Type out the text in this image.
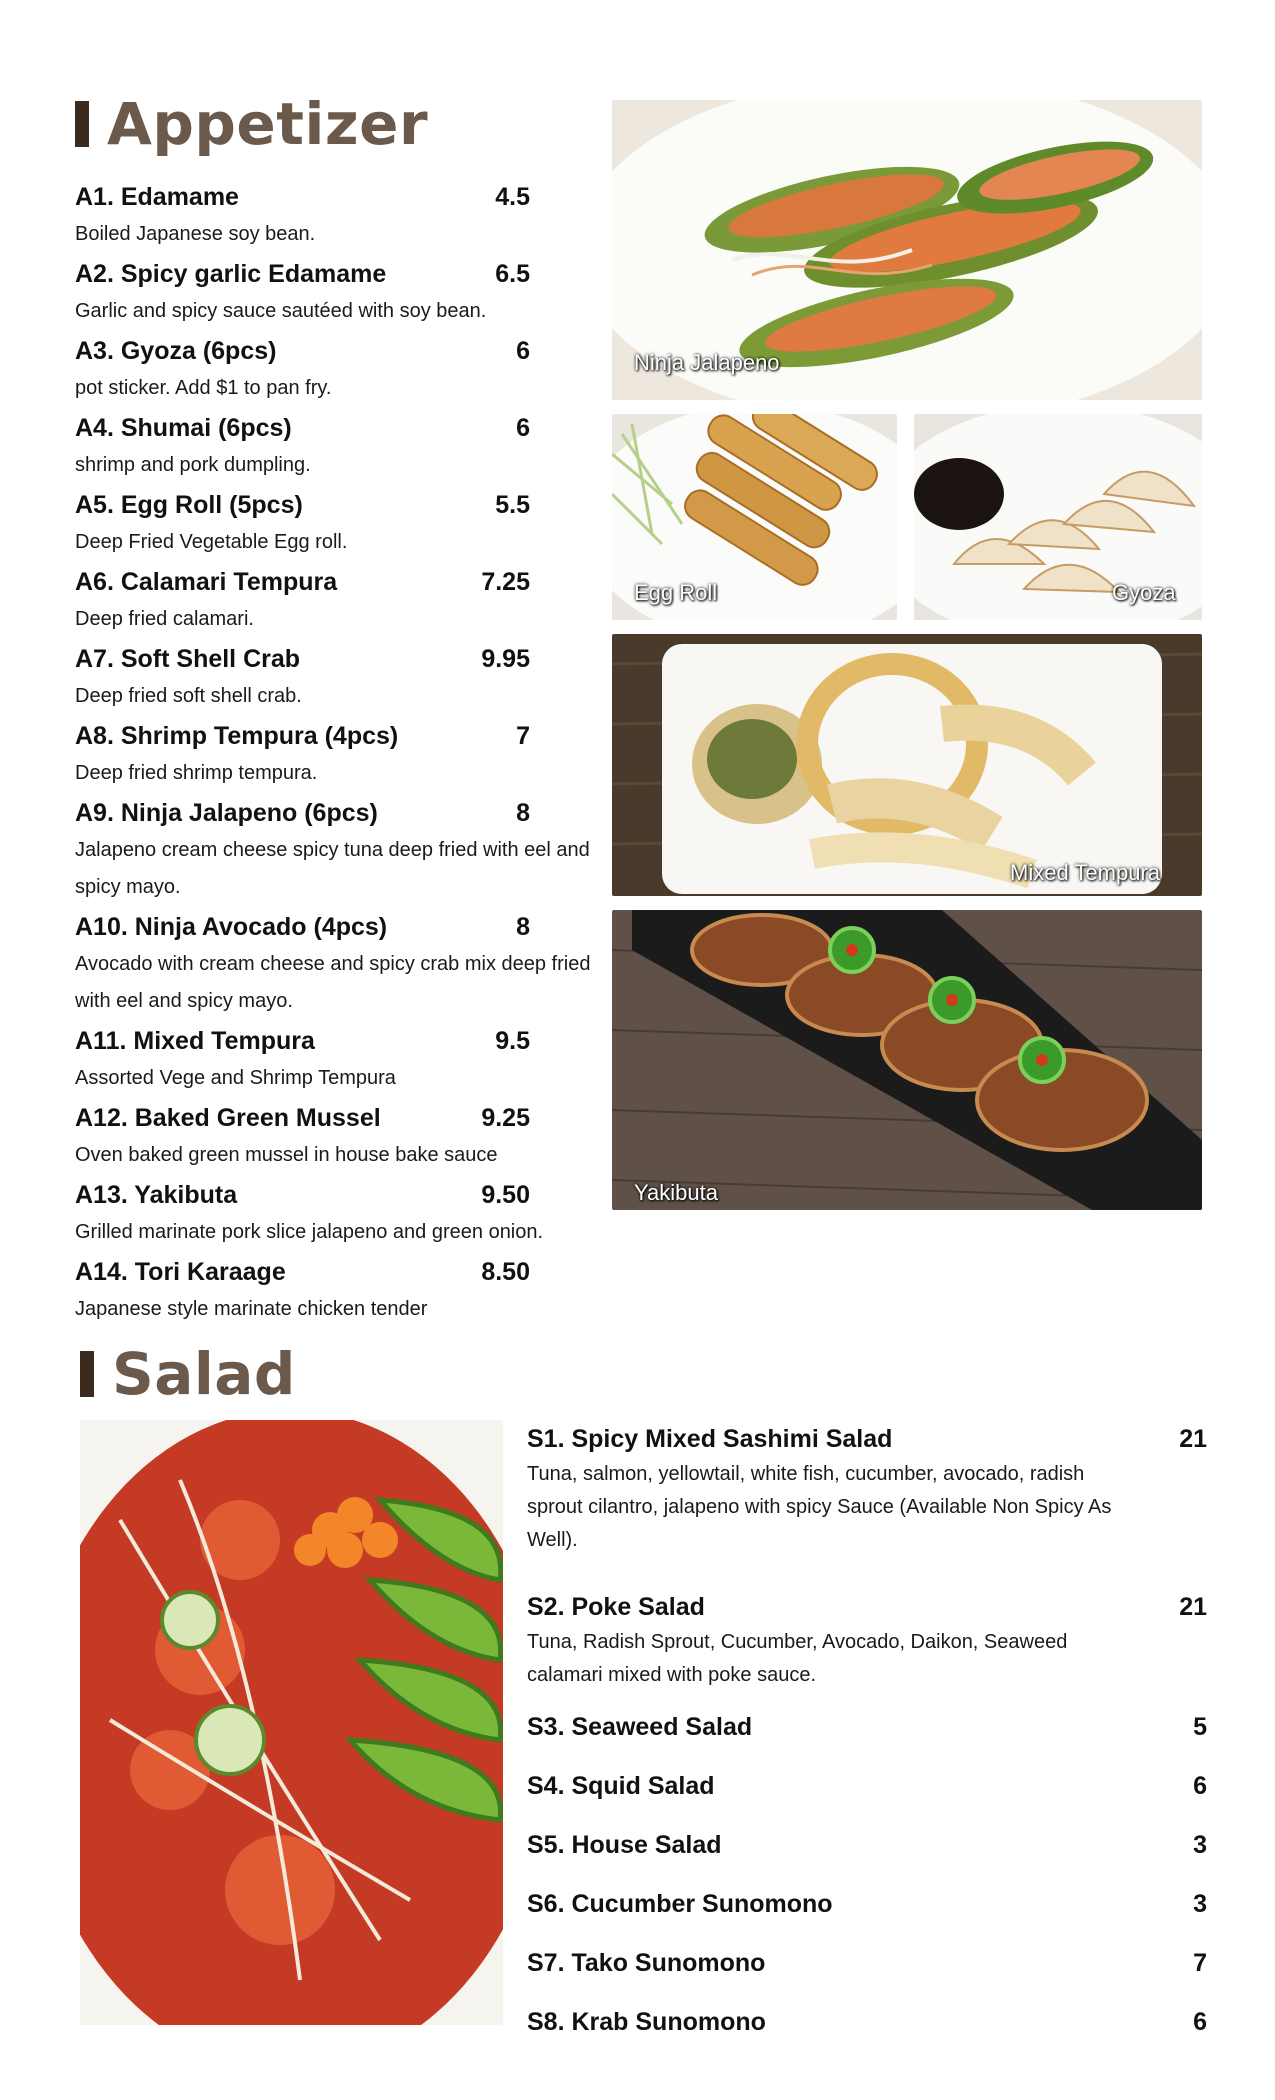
Appetizer
A1. Edamame	4.5
Boiled Japanese soy bean.
A2. Spicy garlic Edamame	6.5
Garlic and spicy sauce sautéed with soy bean.
A3. Gyoza (6pcs)	6
pot sticker. Add $1 to pan fry.
A4. Shumai (6pcs)	6
shrimp and pork dumpling.
A5. Egg Roll (5pcs)	5.5
Deep Fried Vegetable Egg roll.
A6. Calamari Tempura	7.25
Deep fried calamari.
A7. Soft Shell Crab	9.95
Deep fried soft shell crab.
A8. Shrimp Tempura (4pcs)	7
Deep fried shrimp tempura.
A9. Ninja Jalapeno (6pcs)	8
Jalapeno cream cheese spicy tuna deep fried with eel and spicy mayo.
A10. Ninja Avocado (4pcs)	8
Avocado with cream cheese and spicy crab mix deep fried with eel and spicy mayo.
A11. Mixed Tempura	9.5
Assorted Vege and Shrimp Tempura
A12. Baked Green Mussel	9.25
Oven baked green mussel in house bake sauce
A13. Yakibuta	9.50
Grilled marinate pork slice jalapeno and green onion.
A14. Tori Karaage	8.50
Japanese style marinate chicken tender
Ninja Jalapeno
Egg Roll	Gyoza
Mixed Tempura
Yakibuta
Salad
S1. Spicy Mixed Sashimi Salad	21
Tuna, salmon, yellowtail, white fish, cucumber, avocado, radish sprout cilantro, jalapeno with spicy Sauce (Available Non Spicy As Well).
S2. Poke Salad	21
Tuna, Radish Sprout, Cucumber, Avocado, Daikon, Seaweed calamari mixed with poke sauce.
S3. Seaweed Salad	5
S4. Squid Salad	6
S5. House Salad	3
S6. Cucumber Sunomono	3
S7. Tako Sunomono	7
S8. Krab Sunomono	6
